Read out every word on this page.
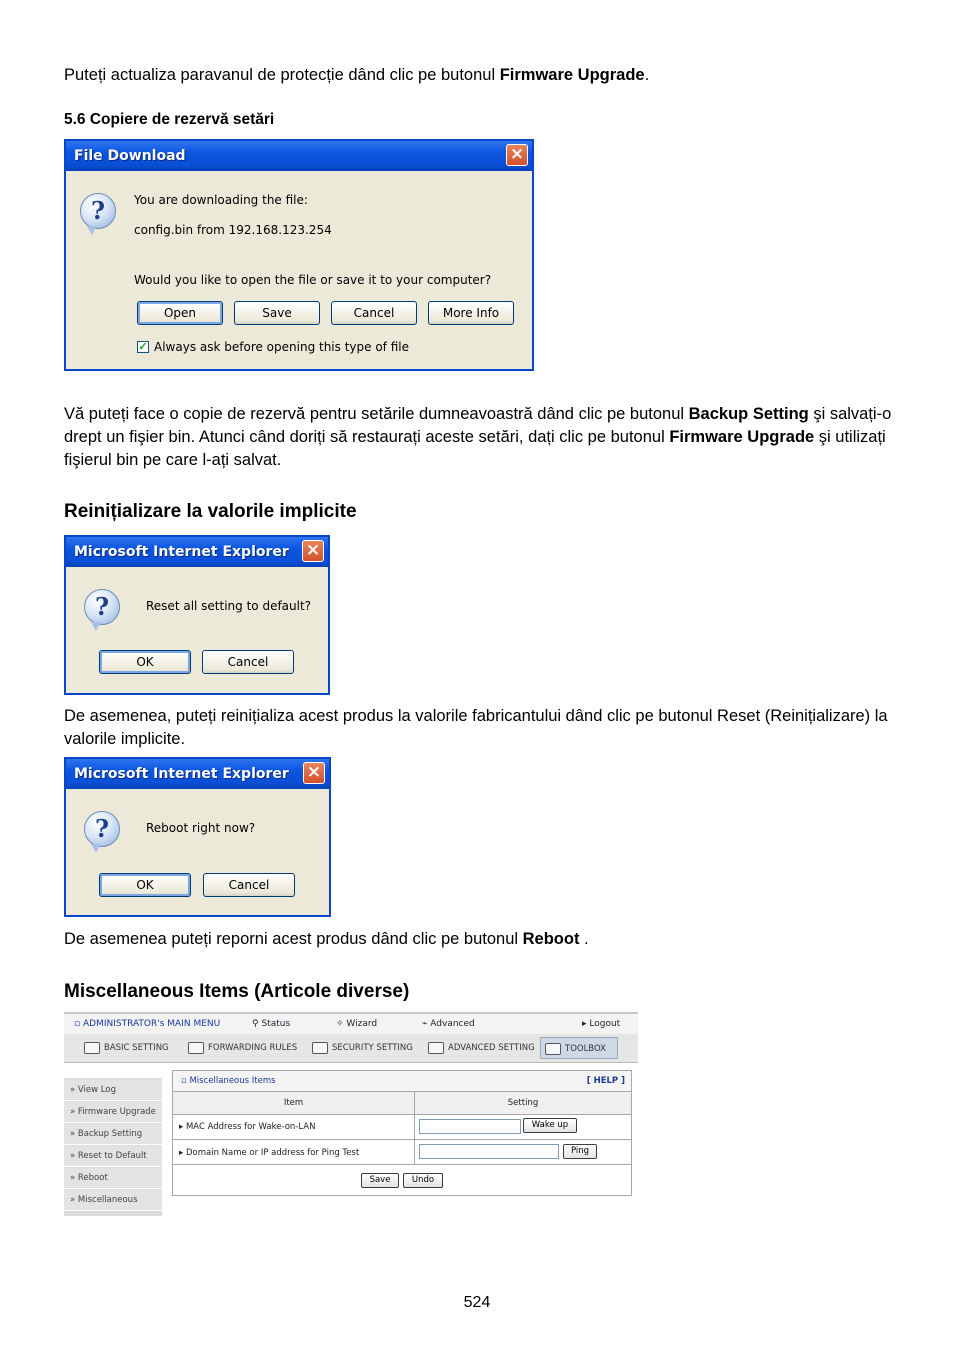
Puteți actualiza paravanul de protecție dând clic pe butonul Firmware Upgrade.

5.6 Copiere de rezervă setări

File Download	×
?	You are downloading the file:
config.bin from 192.168.123.254
Would you like to open the file or save it to your computer?
Open	Save	Cancel	More Info
✓ Always ask before opening this type of file

Vă puteți face o copie de rezervă pentru setările dumneavoastră dând clic pe butonul Backup Setting şi salvați-o drept un fişier bin. Atunci când doriți să restaurați aceste setări, dați clic pe butonul Firmware Upgrade şi utilizați fişierul bin pe care l-ați salvat.

Reinițializare la valorile implicite

Microsoft Internet Explorer	×
?	Reset all setting to default?
OK	Cancel

De asemenea, puteți reinițializa acest produs la valorile fabricantului dând clic pe butonul Reset (Reinițializare) la valorile implicite.

Microsoft Internet Explorer	×
?	Reboot right now?
OK	Cancel

De asemenea puteți reporni acest produs dând clic pe butonul Reboot .

Miscellaneous Items (Articole diverse)

▫ ADMINISTRATOR's MAIN MENU	⚲ Status	✧ Wizard	⌁ Advanced	▸ Logout
BASIC SETTING	FORWARDING RULES	SECURITY SETTING	ADVANCED SETTING	TOOLBOX
» View Log
» Firmware Upgrade
» Backup Setting
» Reset to Default
» Reboot
» Miscellaneous
▫ Miscellaneous Items	[ HELP ]
Item	Setting
▸ MAC Address for Wake-on-LAN	Wake up
▸ Domain Name or IP address for Ping Test	Ping
Save	Undo
524
